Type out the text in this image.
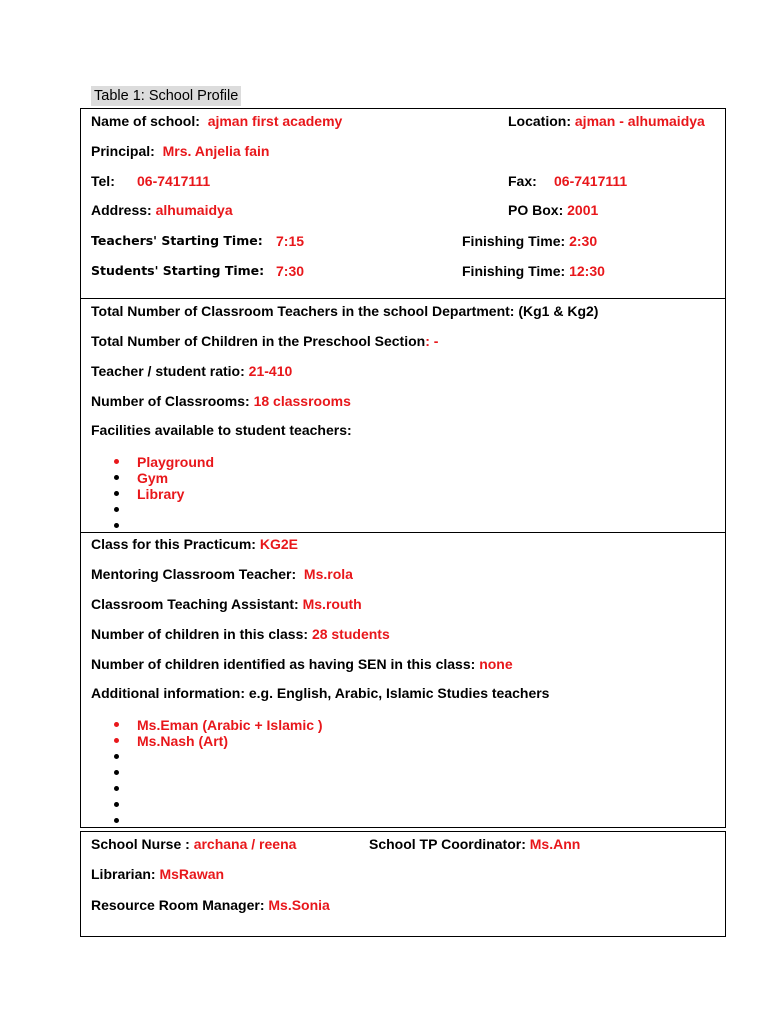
Table 1: School Profile
Name of school: ajman first academy	Location: ajman - alhumaidya
Principal: Mrs. Anjelia fain
Tel: 06-7417111	Fax: 06-7417111
Address: alhumaidya	PO Box: 2001
Teachers' Starting Time: 7:15	Finishing Time: 2:30
Students' Starting Time: 7:30	Finishing Time: 12:30
Total Number of Classroom Teachers in the school Department: (Kg1 & Kg2)
Total Number of Children in the Preschool Section: -
Teacher / student ratio: 21-410
Number of Classrooms: 18 classrooms
Facilities available to student teachers:
Playground
Gym
Library
Class for this Practicum: KG2E
Mentoring Classroom Teacher: Ms.rola
Classroom Teaching Assistant: Ms.routh
Number of children in this class: 28 students
Number of children identified as having SEN in this class: none
Additional information: e.g. English, Arabic, Islamic Studies teachers
Ms.Eman (Arabic + Islamic )
Ms.Nash (Art)
School Nurse : archana / reena	School TP Coordinator: Ms.Ann
Librarian: MsRawan
Resource Room Manager: Ms.Sonia
